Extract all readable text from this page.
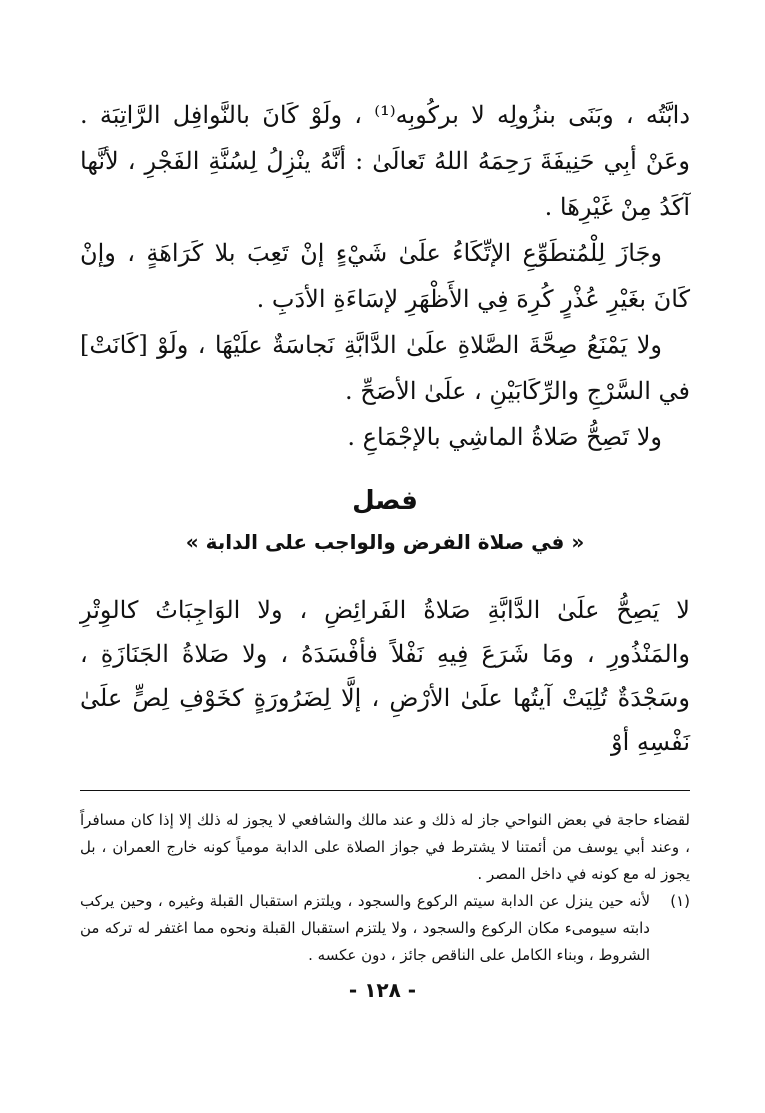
دابَّتُه ، وبَنَى بنزُولِه لا بركُوبِه⁽¹⁾ ، ولَوْ كَانَ بالنَّوافِل الرَّاتِبَة . وعَنْ أبِي حَنِيفَةَ رَحِمَهُ اللهُ تَعالَىٰ : أنَّهُ ينْزِلُ لِسُنَّةِ الفَجْرِ ، لأنَّها آكَدُ مِنْ غَيْرِهَا .

وجَازَ لِلْمُتطَوِّعِ الإتِّكَاءُ علَىٰ شَيْءٍ إنْ تَعِبَ بلا كَرَاهَةٍ ، وإنْ كَانَ بغَيْرِ عُذْرٍ كُرِهَ فِي الأَظْهَرِ لإسَاءَةِ الأدَبِ .

ولا يَمْنَعُ صِحَّةَ الصَّلاةِ علَىٰ الدَّابَّةِ نَجاسَةٌ علَيْهَا ، ولَوْ [كَانَتْ] في السَّرْجِ والرِّكَابَيْنِ ، علَىٰ الأصَحِّ .

ولا تَصِحُّ صَلاةُ الماشِي بالإجْمَاعِ .

فصل
« في صلاة الفرض والواجب على الدابة »

لا يَصِحُّ علَىٰ الدَّابَّةِ صَلاةُ الفَرائِضِ ، ولا الوَاجِبَاتُ كالوِتْرِ والمَنْذُورِ ، ومَا شَرَعَ فِيهِ نَفْلاً فأفْسَدَهُ ، ولا صَلاةُ الجَنَازَةِ ، وسَجْدَةٌ تُلِيَتْ آيتُها علَىٰ الأرْضِ ، إلَّا لِضَرُورَةٍ كخَوْفِ لِصٍّ علَىٰ نَفْسِهِ أوْ

لقضاء حاجة في بعض النواحي جاز له ذلك و عند مالك والشافعي لا يجوز له ذلك إلا إذا كان مسافراً ، وعند أبي يوسف من أئمتنا لا يشترط في جواز الصلاة على الدابة مومياً كونه خارج العمران ، بل يجوز له مع كونه في داخل المصر .

(١)
لأنه حين ينزل عن الدابة سيتم الركوع والسجود ، ويلتزم استقبال القبلة وغيره ، وحين يركب دابته سيومىء مكان الركوع والسجود ، ولا يلتزم استقبال القبلة ونحوه مما اغتفر له تركه من الشروط ، وبناء الكامل على الناقص جائز ، دون عكسه .
- ١٢٨ -
